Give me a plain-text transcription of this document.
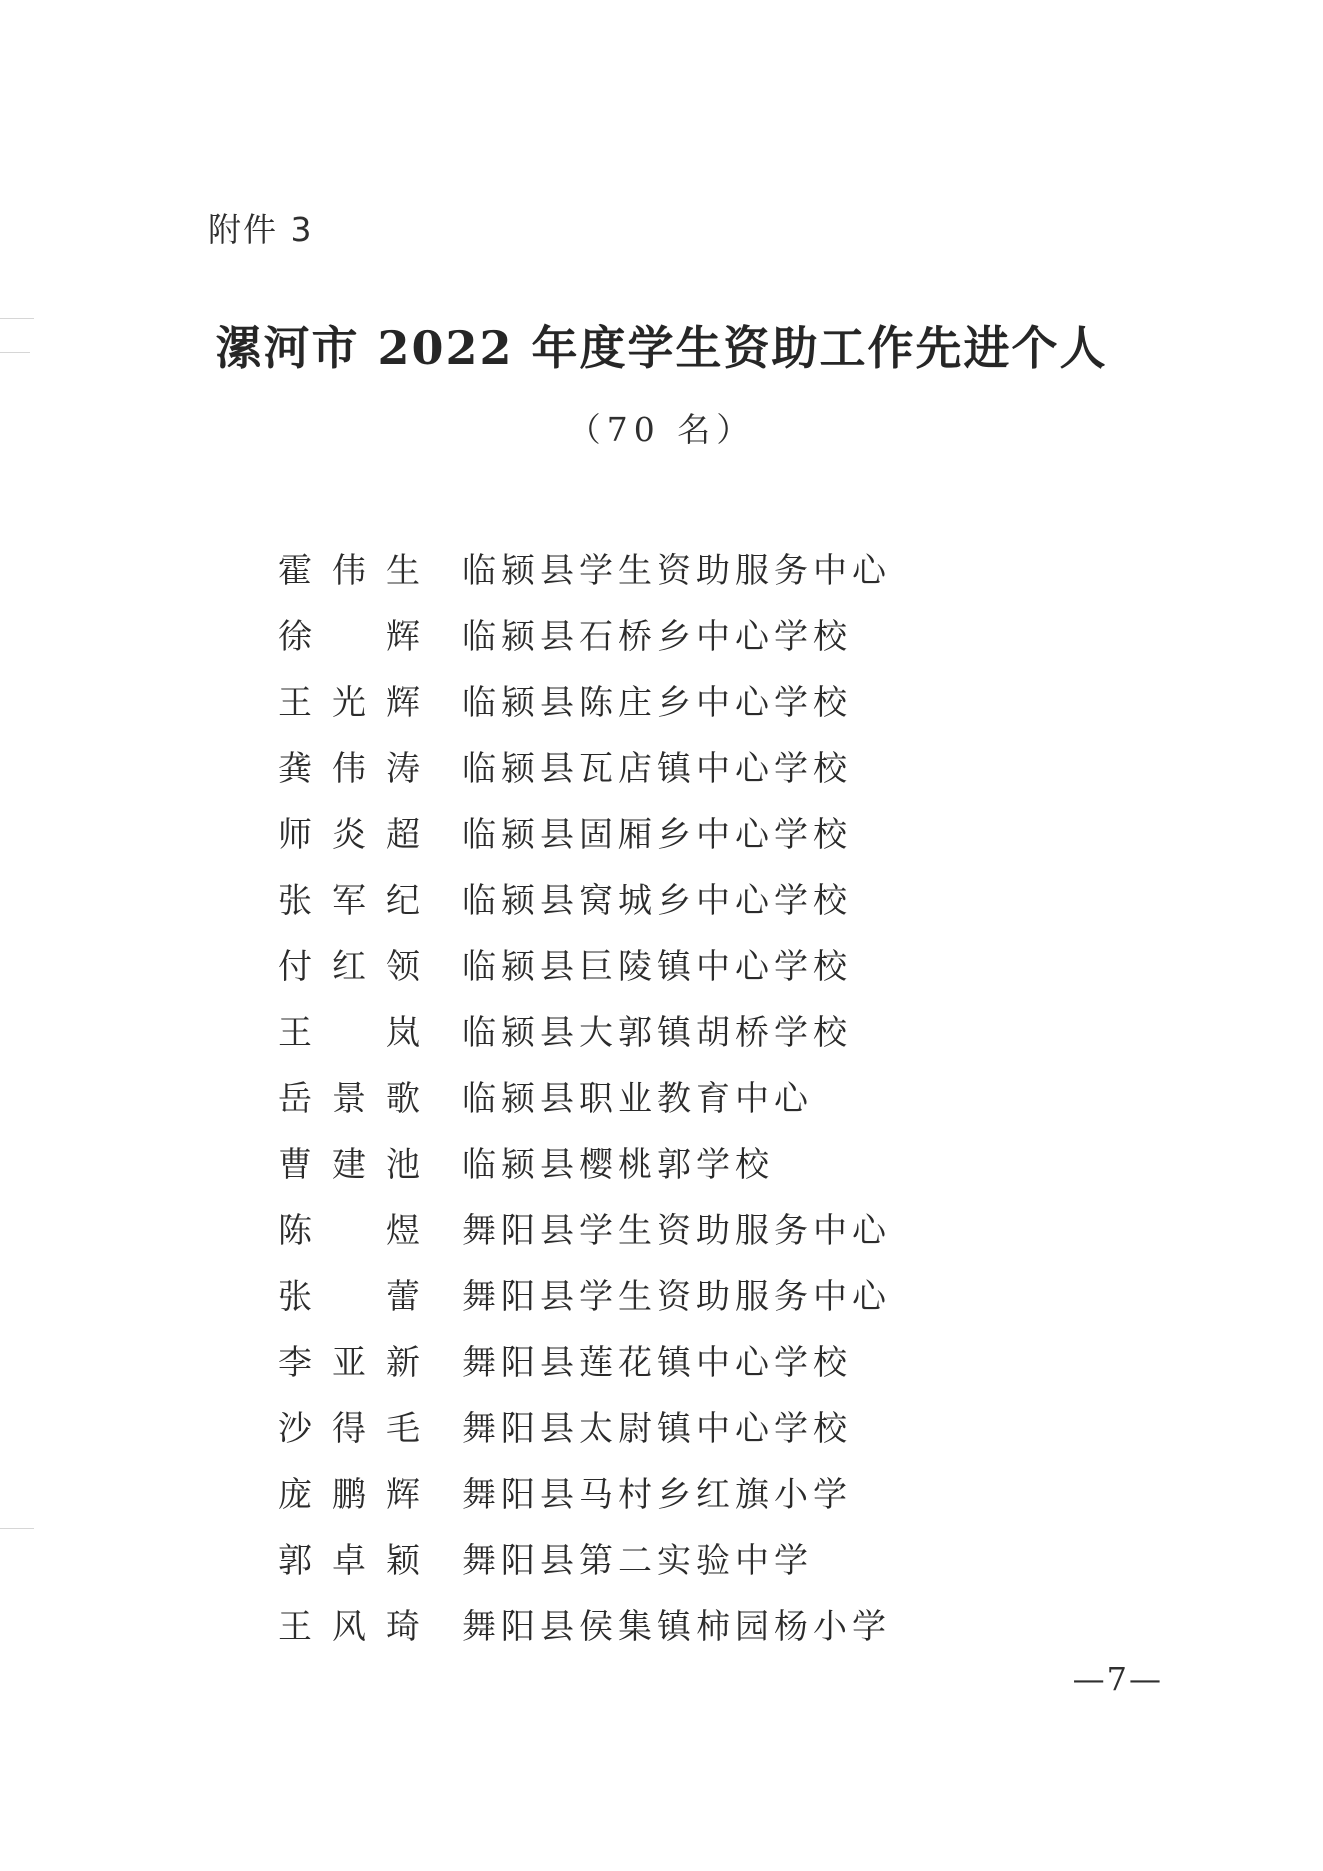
附件 3
漯河市 2022 年度学生资助工作先进个人
（70 名）
霍伟生 临颍县学生资助服务中心
徐　辉 临颍县石桥乡中心学校
王光辉 临颍县陈庄乡中心学校
龚伟涛 临颍县瓦店镇中心学校
师炎超 临颍县固厢乡中心学校
张军纪 临颍县窝城乡中心学校
付红领 临颍县巨陵镇中心学校
王　岚 临颍县大郭镇胡桥学校
岳景歌 临颍县职业教育中心
曹建池 临颍县樱桃郭学校
陈　煜 舞阳县学生资助服务中心
张　蕾 舞阳县学生资助服务中心
李亚新 舞阳县莲花镇中心学校
沙得毛 舞阳县太尉镇中心学校
庞鹏辉 舞阳县马村乡红旗小学
郭卓颖 舞阳县第二实验中学
王风琦 舞阳县侯集镇柿园杨小学
—7—
